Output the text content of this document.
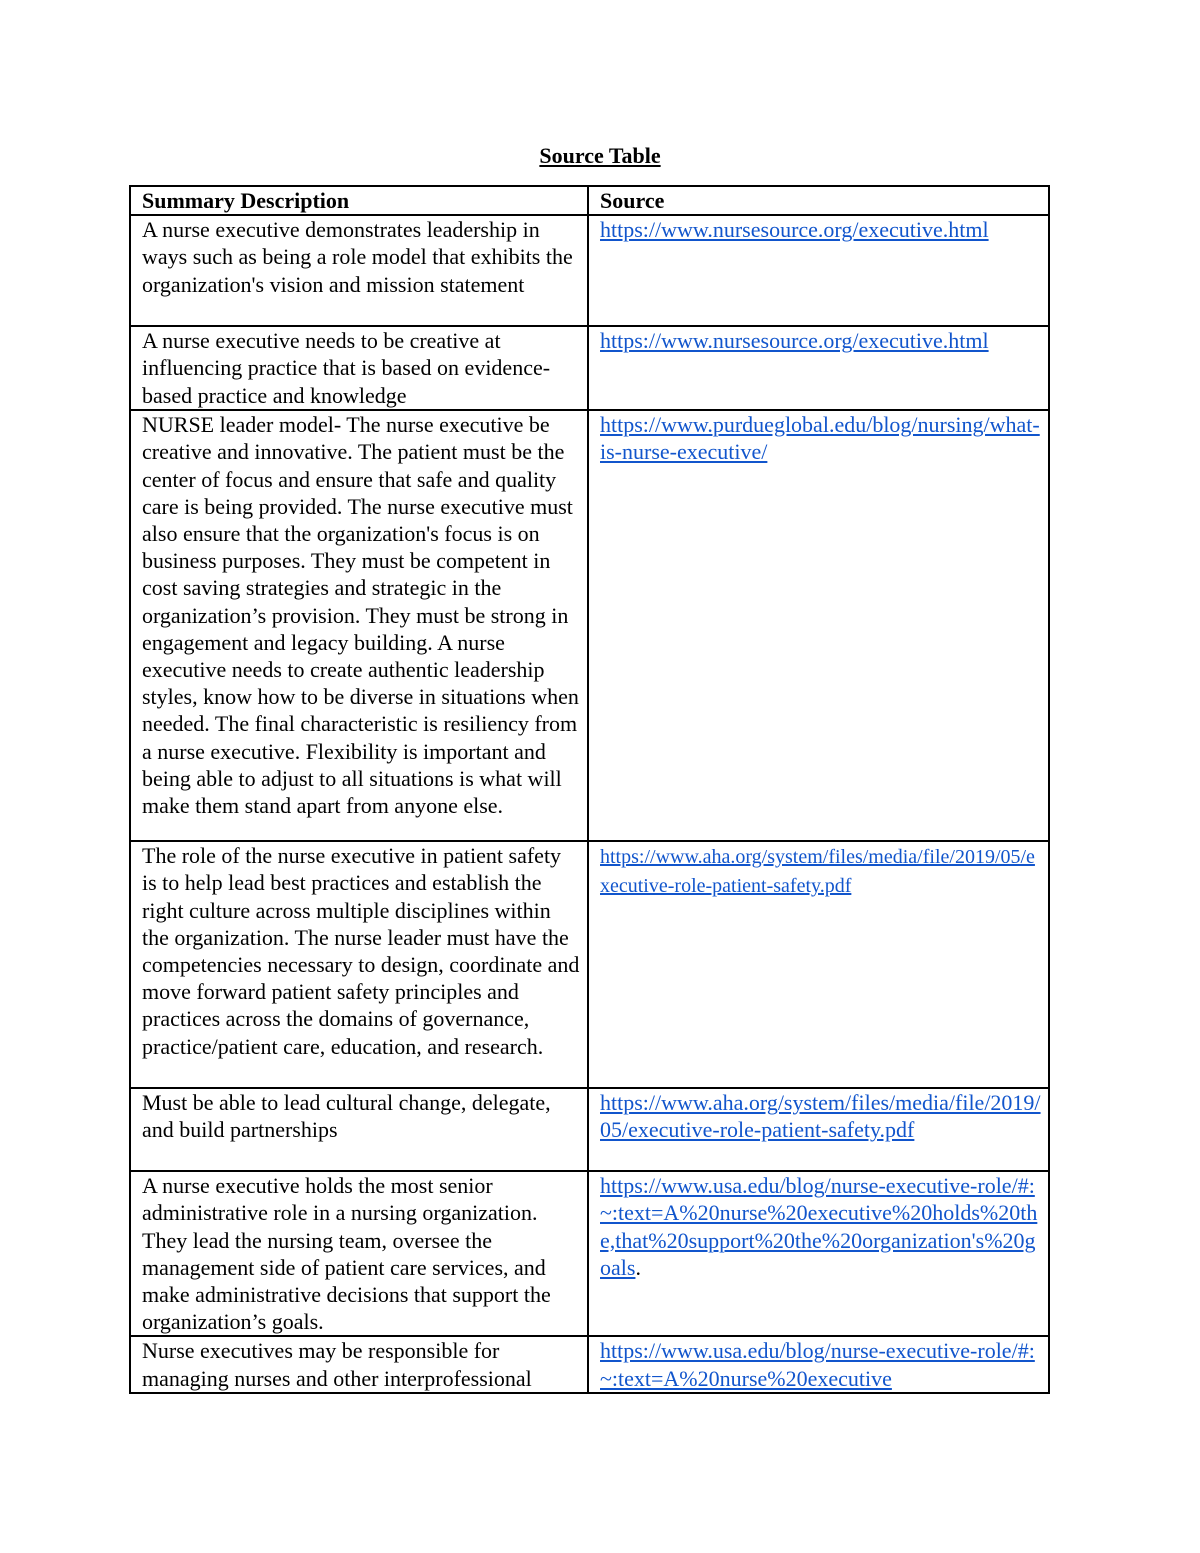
Source Table
Summary Description	Source
A nurse executive demonstrates leadership in ways such as being a role model that exhibits the organization's vision and mission statement	https://www.nursesource.org/executive.html
A nurse executive needs to be creative at influencing practice that is based on evidence-based practice and knowledge	https://www.nursesource.org/executive.html
NURSE leader model- The nurse executive be creative and innovative. The patient must be the center of focus and ensure that safe and quality care is being provided. The nurse executive must also ensure that the organization's focus is on business purposes. They must be competent in cost saving strategies and strategic in the organization’s provision. They must be strong in engagement and legacy building. A nurse executive needs to create authentic leadership styles, know how to be diverse in situations when needed. The final characteristic is resiliency from a nurse executive. Flexibility is important and being able to adjust to all situations is what will make them stand apart from anyone else.	https://www.purdueglobal.edu/blog/nursing/what-is-nurse-executive/
The role of the nurse executive in patient safety is to help lead best practices and establish the right culture across multiple disciplines within the organization. The nurse leader must have the competencies necessary to design, coordinate and move forward patient safety principles and practices across the domains of governance, practice/patient care, education, and research.	https://www.aha.org/system/files/media/file/2019/05/executive-role-patient-safety.pdf
Must be able to lead cultural change, delegate, and build partnerships	https://www.aha.org/system/files/media/file/2019/05/executive-role-patient-safety.pdf
A nurse executive holds the most senior administrative role in a nursing organization. They lead the nursing team, oversee the management side of patient care services, and make administrative decisions that support the organization’s goals.	https://www.usa.edu/blog/nurse-executive-role/#:~:text=A%20nurse%20executive%20holds%20the,that%20support%20the%20organization's%20goals.
Nurse executives may be responsible for managing nurses and other interprofessional	https://www.usa.edu/blog/nurse-executive-role/#:~:text=A%20nurse%20executive
